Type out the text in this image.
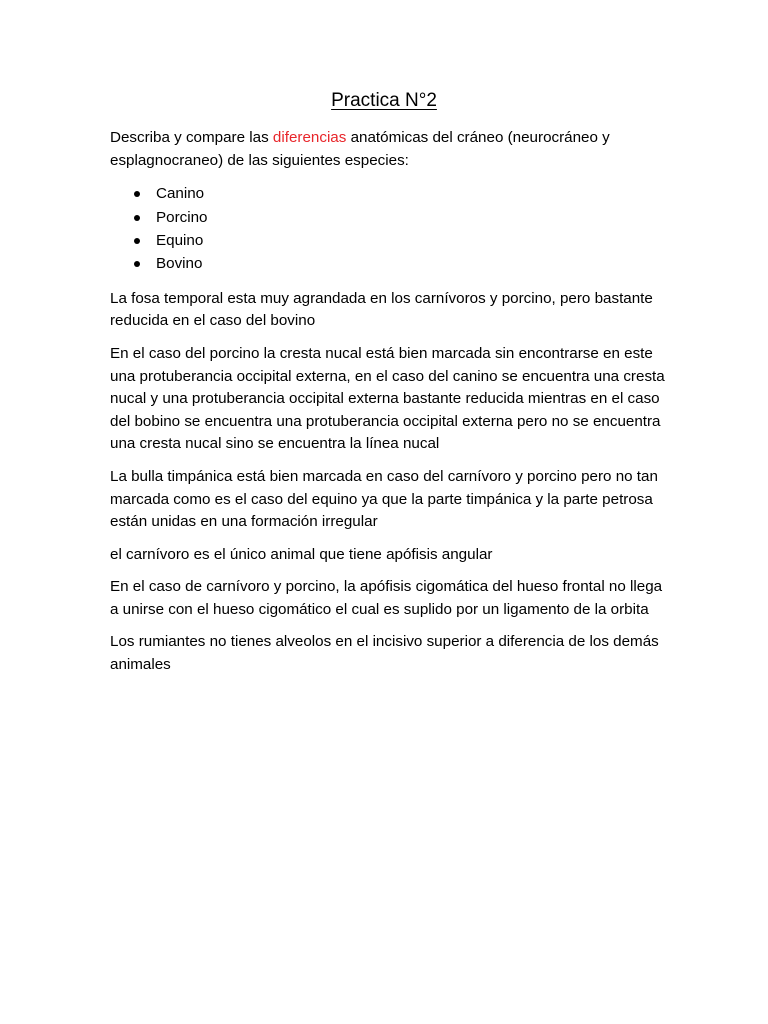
Practica N°2

Describa y compare las diferencias anatómicas del cráneo (neurocráneo y esplagnocraneo) de las siguientes especies:

Canino
Porcino
Equino
Bovino

La fosa temporal esta muy agrandada en los carnívoros y porcino, pero bastante reducida en el caso del bovino

En el caso del porcino la cresta nucal está bien marcada sin encontrarse en este una protuberancia occipital externa, en el caso del canino se encuentra una cresta nucal y una protuberancia occipital externa bastante reducida mientras en el caso del bobino se encuentra una protuberancia occipital externa pero no se encuentra una cresta nucal sino se encuentra la línea nucal

La bulla timpánica está bien marcada en caso del carnívoro y porcino pero no tan marcada como es el caso del equino ya que la parte timpánica y la parte petrosa están unidas en una formación irregular

el carnívoro es el único animal que tiene apófisis angular

En el caso de carnívoro y porcino, la apófisis cigomática del hueso frontal no llega a unirse con el hueso cigomático el cual es suplido por un ligamento de la orbita

Los rumiantes no tienes alveolos en el incisivo superior a diferencia de los demás animales
